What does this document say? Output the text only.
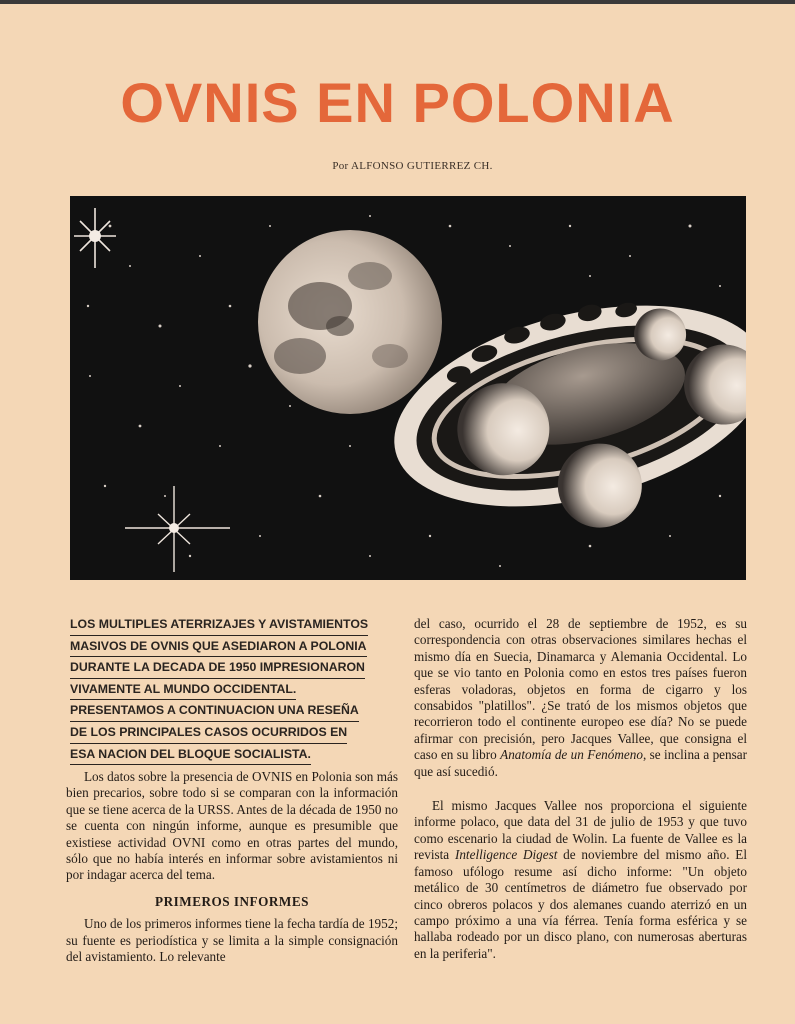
OVNIS EN POLONIA
Por ALFONSO GUTIERREZ CH.
LOS MULTIPLES ATERRIZAJES Y AVISTAMIENTOS
MASIVOS DE OVNIS QUE ASEDIARON A POLONIA
DURANTE LA DECADA DE 1950 IMPRESIONARON
VIVAMENTE AL MUNDO OCCIDENTAL.
PRESENTAMOS A CONTINUACION UNA RESEÑA
DE LOS PRINCIPALES CASOS OCURRIDOS EN
ESA NACION DEL BLOQUE SOCIALISTA.

Los datos sobre la presencia de OVNIS en Polonia son más bien precarios, sobre todo si se comparan con la información que se tiene acerca de la URSS. Antes de la década de 1950 no se cuenta con ningún informe, aunque es presumible que existiese actividad OVNI como en otras partes del mundo, sólo que no había interés en informar sobre avistamientos ni por indagar acerca del tema.

PRIMEROS INFORMES

Uno de los primeros informes tiene la fecha tardía de 1952; su fuente es periodística y se limita a la simple consignación del avistamiento. Lo relevante

del caso, ocurrido el 28 de septiembre de 1952, es su correspondencia con otras observaciones similares hechas el mismo día en Suecia, Dinamarca y Alemania Occidental. Lo que se vio tanto en Polonia como en estos tres países fueron esferas voladoras, objetos en forma de cigarro y los consabidos "platillos". ¿Se trató de los mismos objetos que recorrieron todo el continente europeo ese día? No se puede afirmar con precisión, pero Jacques Vallee, que consigna el caso en su libro Anatomía de un Fenómeno, se inclina a pensar que así sucedió.

El mismo Jacques Vallee nos proporciona el siguiente informe polaco, que data del 31 de julio de 1953 y que tuvo como escenario la ciudad de Wolin. La fuente de Vallee es la revista Intelligence Digest de noviembre del mismo año. El famoso ufólogo resume así dicho informe: "Un objeto metálico de 30 centímetros de diámetro fue observado por cinco obreros polacos y dos alemanes cuando aterrizó en un campo próximo a una vía férrea. Tenía forma esférica y se hallaba rodeado por un disco plano, con numerosas aberturas en la periferia".
